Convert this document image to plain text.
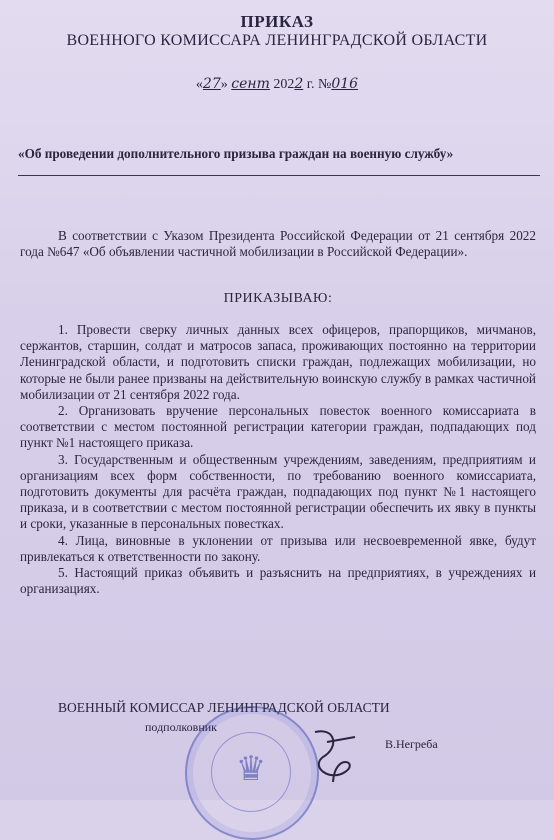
ПРИКАЗ
ВОЕННОГО КОМИССАРА ЛЕНИНГРАДСКОЙ ОБЛАСТИ
«27» сент 2022 г. №016
«Об проведении дополнительного призыва граждан на военную службу»
В соответствии с Указом Президента Российской Федерации от 21 сентября 2022 года №647 «Об объявлении частичной мобилизации в Российской Федерации».
ПРИКАЗЫВАЮ:

1. Провести сверку личных данных всех офицеров, прапорщиков, мичманов, сержантов, старшин, солдат и матросов запаса, проживающих постоянно на территории Ленинградской области, и подготовить списки граждан, подлежащих мобилизации, но которые не были ранее призваны на действительную воинскую службу в рамках частичной мобилизации от 21 сентября 2022 года.

2. Организовать вручение персональных повесток военного комиссариата в соответствии с местом постоянной регистрации категории граждан, подпадающих под пункт №1 настоящего приказа.

3. Государственным и общественным учреждениям, заведениям, предприятиям и организациям всех форм собственности, по требованию военного комиссариата, подготовить документы для расчёта граждан, подпадающих под пункт №1 настоящего приказа, и в соответствии с местом постоянной регистрации обеспечить их явку в пункты и сроки, указанные в персональных повестках.

4. Лица, виновные в уклонении от призыва или несвоевременной явке, будут привлекаться к ответственности по закону.

5. Настоящий приказ объявить и разъяснить на предприятиях, в учреждениях и организациях.

♛
ВОЕННЫЙ КОМИССАР ЛЕНИНГРАДСКОЙ ОБЛАСТИ
подполковник
В.Негреба
